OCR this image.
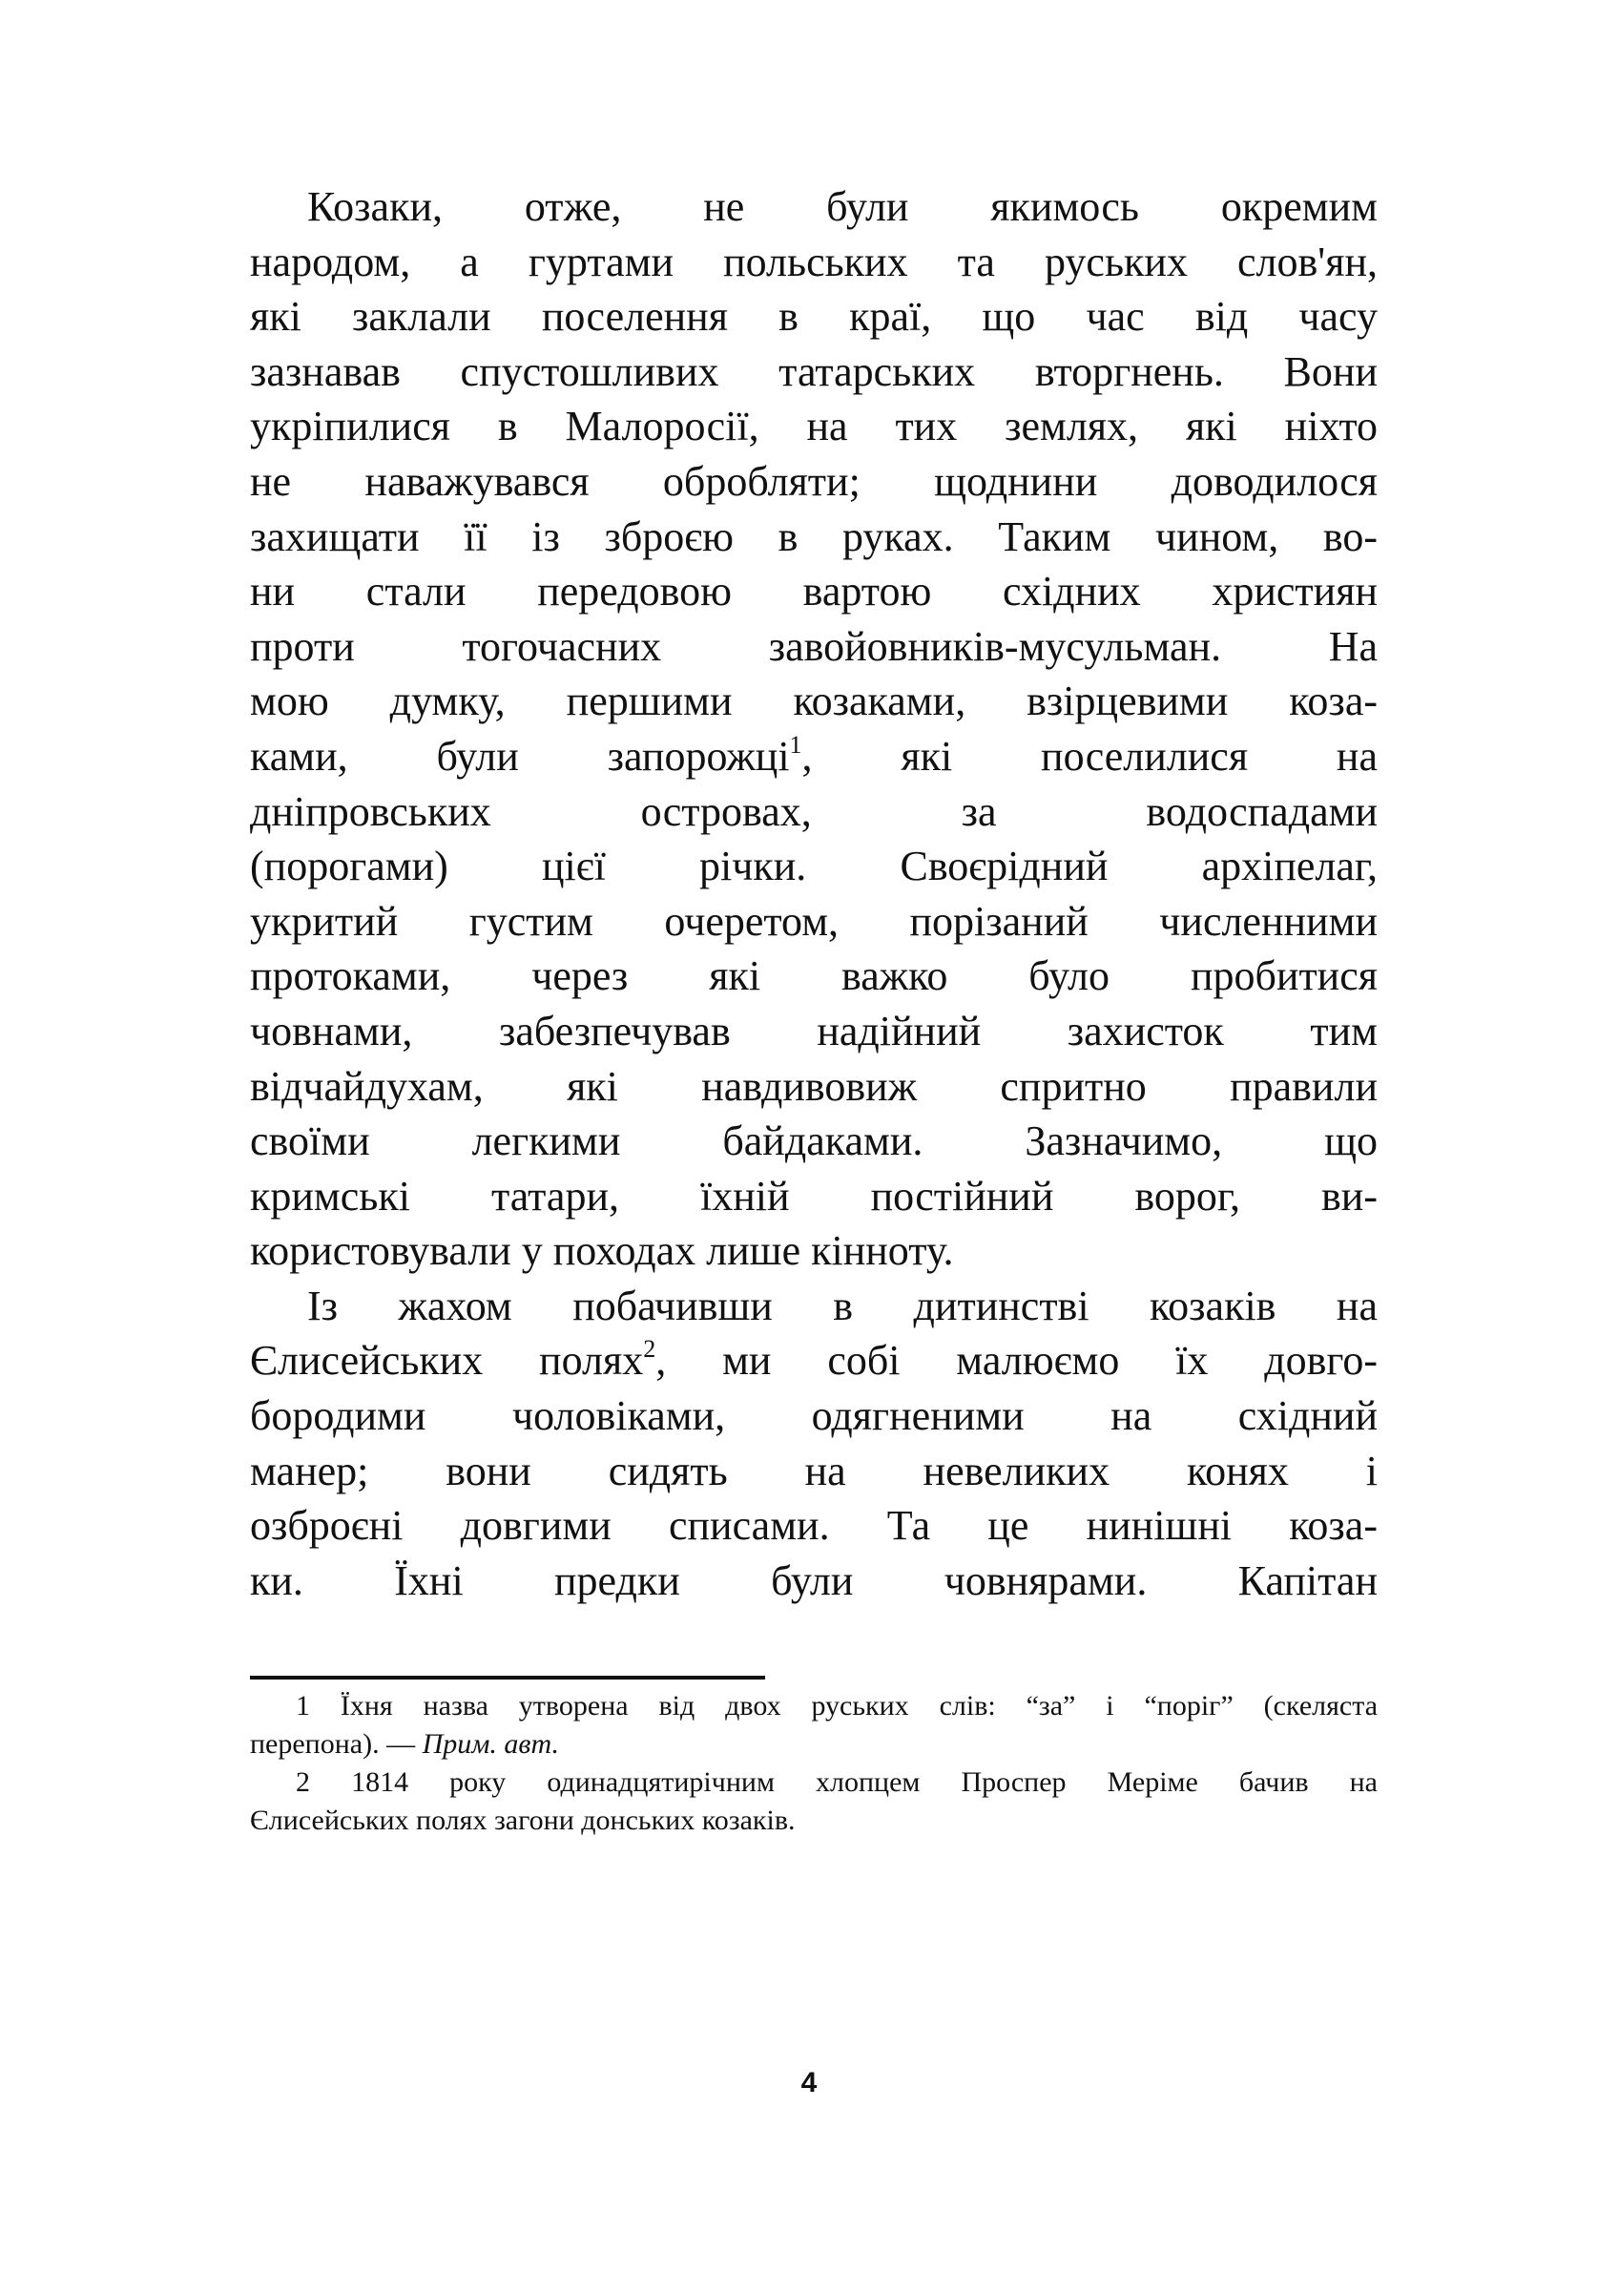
Козаки, отже, не були якимось окремим
народом, а гуртами польських та руських слов'ян,
які заклали поселення в краї, що час від часу
зазнавав спустошливих татарських вторгнень. Вони
укріпилися в Малоросії, на тих землях, які ніхто
не наважувався обробляти; щоднини доводилося
захищати її із зброєю в руках. Таким чином, во-
ни стали передовою вартою східних християн
проти тогочасних завойовників-мусульман. На
мою думку, першими козаками, взірцевими коза-
ками, були запорожці$^1$, які поселилися на
дніпровських островах, за водоспадами
(порогами) цієї річки. Своєрідний архіпелаг,
укритий густим очеретом, порізаний численними
протоками, через які важко було пробитися
човнами, забезпечував надійний захисток тим
відчайдухам, які навдивовиж спритно правили
своїми легкими байдаками. Зазначимо, що
кримські татари, їхній постійний ворог, ви-
користовували у походах лише кінноту.
Із жахом побачивши в дитинстві козаків на
Єлисейських полях$^2$, ми собі малюємо їх довго-
бородими чоловіками, одягненими на східний
манер; вони сидять на невеликих конях і
озброєні довгими списами. Та це нинішні коза-
ки. Їхні предки були човнярами. Капітан
1 Їхня назва утворена від двох руських слів: “за” і “поріг” (скеляста
перепона). — Прим. авт.
2 1814 року одинадцятирічним хлопцем Проспер Меріме бачив на
Єлисейських полях загони донських козаків.
4
